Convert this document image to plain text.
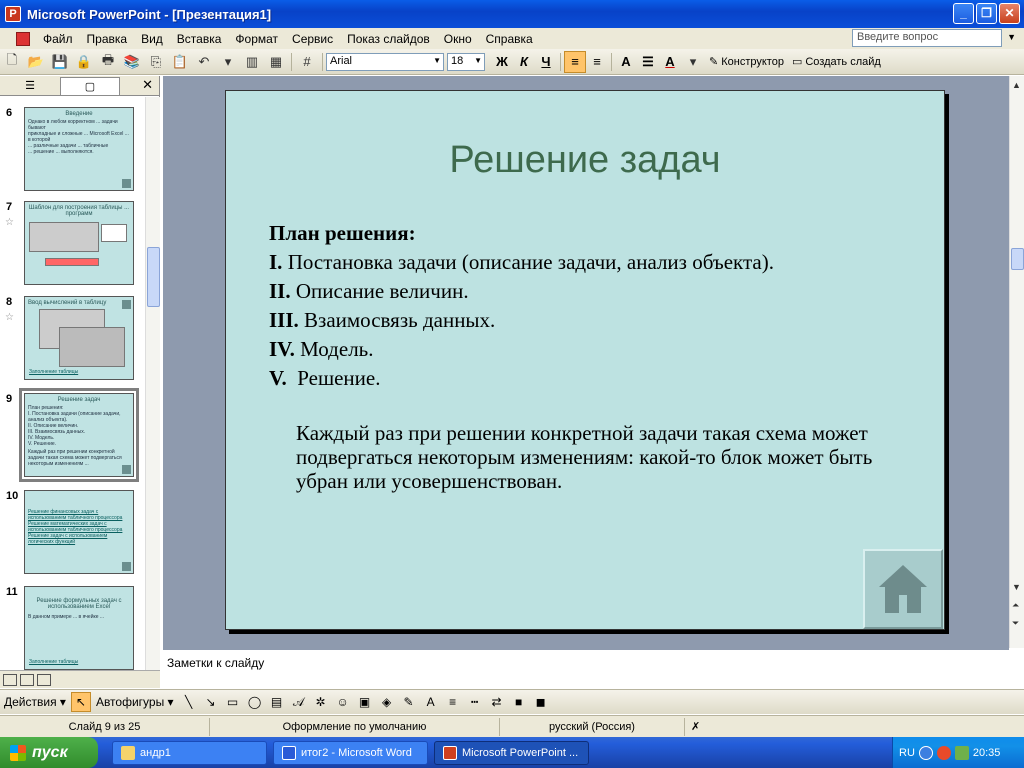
P Microsoft PowerPoint - [Презентация1]	_	❐	✕
Файл	Правка	Вид	Вставка	Формат	Сервис	Показ слайдов	Окно	Справка	Введите вопрос	▼
🗋 📂 💾 🔒 🖶 📚 ⎘ 📋 ↶	▾	▥ ▦	#	Arial	▼ 18 ▼	Ж К	Ч	≡	≡	A ☰ A	▾	✎ Конструктор ▭ Создать слайд
☰	▢	✕
6	Введение
Однако в любом корректном ... задачи бывают
прикладные и сложные ... Microsoft Excel ... в которой
... различные задачи ... табличные
... решение ... выполняются.
7
☆
Шаблон для построения таблицы ... программ
8
☆
Ввод вычислений в таблицу
Заполнение таблицы
9	Решение задач
План решения:
I. Постановка задачи (описание задачи, анализ объекта).
II. Описание величин.
III. Взаимосвязь данных.
IV. Модель.
V. Решение.
Каждый раз при решении конкретной задачи такая схема может подвергаться некоторым изменениям ...
10
Решение финансовых задач с использованием табличного процессора
Решение математических задач с использованием табличного процессора
Решение задач с использованием логических функций
11
Решение формульных задач с использованием Excel
В данном примере ... в ячейке ...
Заполнение таблицы
Решение задач
План решения:
I. Постановка задачи (описание задачи, анализ объекта).
II. Описание величин.
III. Взаимосвязь данных.
IV. Модель.
V.  Решение.
Каждый раз при решении конкретной задачи такая схема может подвергаться некоторым изменениям: какой-то блок может быть убран или усовершенствован.
▲
▼
⏶
⏷
Заметки к слайду
Действия ▾ ↖ Автофигуры ▾ ╲	↘ ▭ ◯ ▤ 𝒜 ✲ ☺ ▣ ◈	✎	A	≡	┅	⇄	■	◼
Слайд 9 из 25	Оформление по умолчанию	русский (Россия)	✗
пуск	андр1	итог2 - Microsoft Word	Microsoft PowerPoint ...	RU	20:35
